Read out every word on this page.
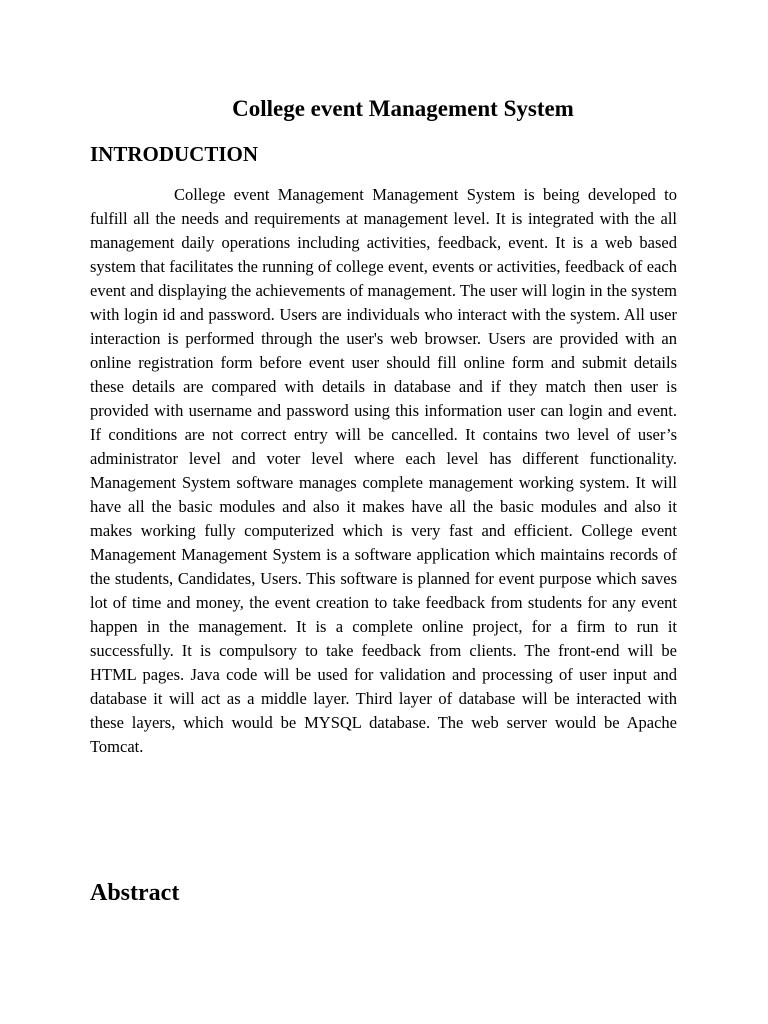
College event Management System
INTRODUCTION

College event Management Management System is being developed to fulfill all the needs and requirements at management level. It is integrated with the all management daily operations including activities, feedback, event. It is a web based system that facilitates the running of college event, events or activities, feedback of each event and displaying the achievements of management. The user will login in the system with login id and password. Users are individuals who interact with the system. All user interaction is performed through the user's web browser. Users are provided with an online registration form before event user should fill online form and submit details these details are compared with details in database and if they match then user is provided with username and password using this information user can login and event. If conditions are not correct entry will be cancelled. It contains two level of user’s administrator level and voter level where each level has different functionality. Management System software manages complete management working system. It will have all the basic modules and also it makes have all the basic modules and also it makes working fully computerized which is very fast and efficient. College event Management Management System is a software application which maintains records of the students, Candidates, Users. This software is planned for event purpose which saves lot of time and money, the event creation to take feedback from students for any event happen in the management. It is a complete online project, for a firm to run it successfully. It is compulsory to take feedback from clients. The front-end will be HTML pages. Java code will be used for validation and processing of user input and database it will act as a middle layer. Third layer of database will be interacted with these layers, which would be MYSQL database. The web server would be Apache Tomcat.

Abstract
